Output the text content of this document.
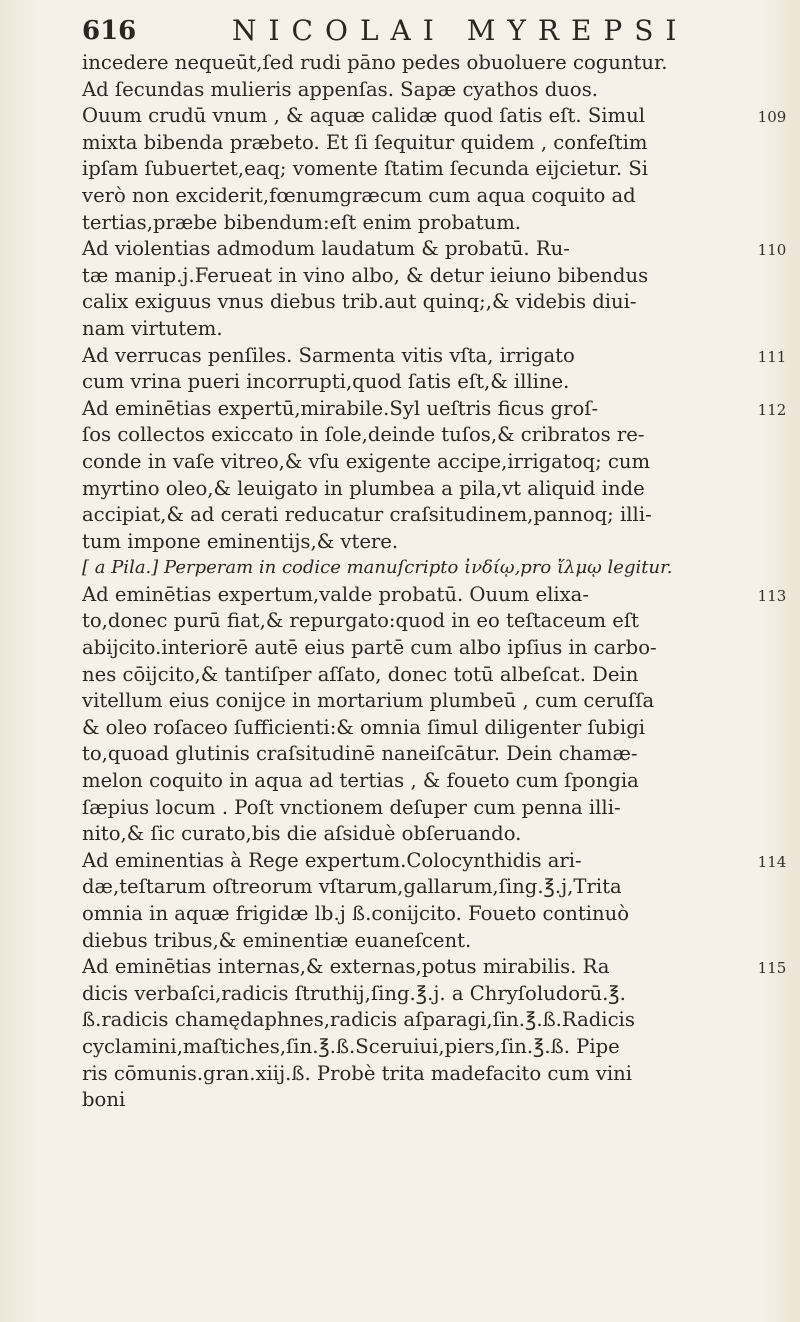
616	NICOLAI MYREPSI
incedere nequeūt,ſed rudi pāno pedes obuoluere coguntur.
Ad ſecundas mulieris appenſas. Sapæ cyathos duos.
Ouum crudū vnum , & aquæ calidæ quod ſatis eſt. Simul
mixta bibenda præbeto. Et ſi ſequitur quidem , confeſtim
ipſam ſubuertet,eaq; vomente ſtatim ſecunda eijcietur. Si
verò non exciderit,fœnumgræcum cum aqua coquito ad
tertias,præbe bibendum:eſt enim probatum.
Ad violentias admodum laudatum & probatū. Ru-
tæ manip.j.Ferueat in vino albo, & detur ieiuno bibendus
calix exiguus vnus diebus trib.aut quinq;,& videbis diui-
nam virtutem.
Ad verrucas penſiles. Sarmenta vitis vſta, irrigato
cum vrina pueri incorrupti,quod ſatis eſt,& illine.
Ad eminētias expertū,mirabile.Syl ueſtris ficus groſ-
ſos collectos exiccato in ſole,deinde tuſos,& cribratos re-
conde in vaſe vitreo,& vſu exigente accipe,irrigatoq; cum
myrtino oleo,& leuigato in plumbea a pila,vt aliquid inde
accipiat,& ad cerati reducatur craſsitudinem,pannoq; illi-
tum impone eminentijs,& vtere.
[ a Pila.] Perperam in codice manuſcripto ἰνδίῳ,pro ἴλμῳ legitur.
Ad eminētias expertum,valde probatū. Ouum elixa-
to,donec purū fiat,& repurgato:quod in eo teſtaceum eſt
abijcito.interiorē autē eius partē cum albo ipſius in carbo-
nes cōijcito,& tantiſper aſſato, donec totū albeſcat. Dein
vitellum eius conijce in mortarium plumbeū , cum ceruſſa
& oleo roſaceo ſufficienti:& omnia ſimul diligenter ſubigi
to,quoad glutinis craſsitudinē naneiſcātur. Dein chamæ-
melon coquito in aqua ad tertias , & foueto cum ſpongia
ſæpius locum . Poſt vnctionem deſuper cum penna illi-
nito,& ſic curato,bis die aſsiduè obſeruando.
Ad eminentias à Rege expertum.Colocynthidis ari-
dæ,teſtarum oſtreorum vſtarum,gallarum,ſing.℥.j,Trita
omnia in aquæ frigidæ lb.j ß.conijcito. Foueto continuò
diebus tribus,& eminentiæ euaneſcent.
Ad eminētias internas,& externas,potus mirabilis. Ra
dicis verbaſci,radicis ſtruthij,ſing.℥.j. a Chryſoludorū.℥.
ß.radicis chamędaphnes,radicis aſparagi,ſin.℥.ß.Radicis
cyclamini,maſtiches,ſin.℥.ß.Sceruiui,piers,ſin.℥.ß. Pipe
ris cōmunis.gran.xiij.ß. Probè trita madefacito cum vini
boni
109
110
111
112
113
114
115
